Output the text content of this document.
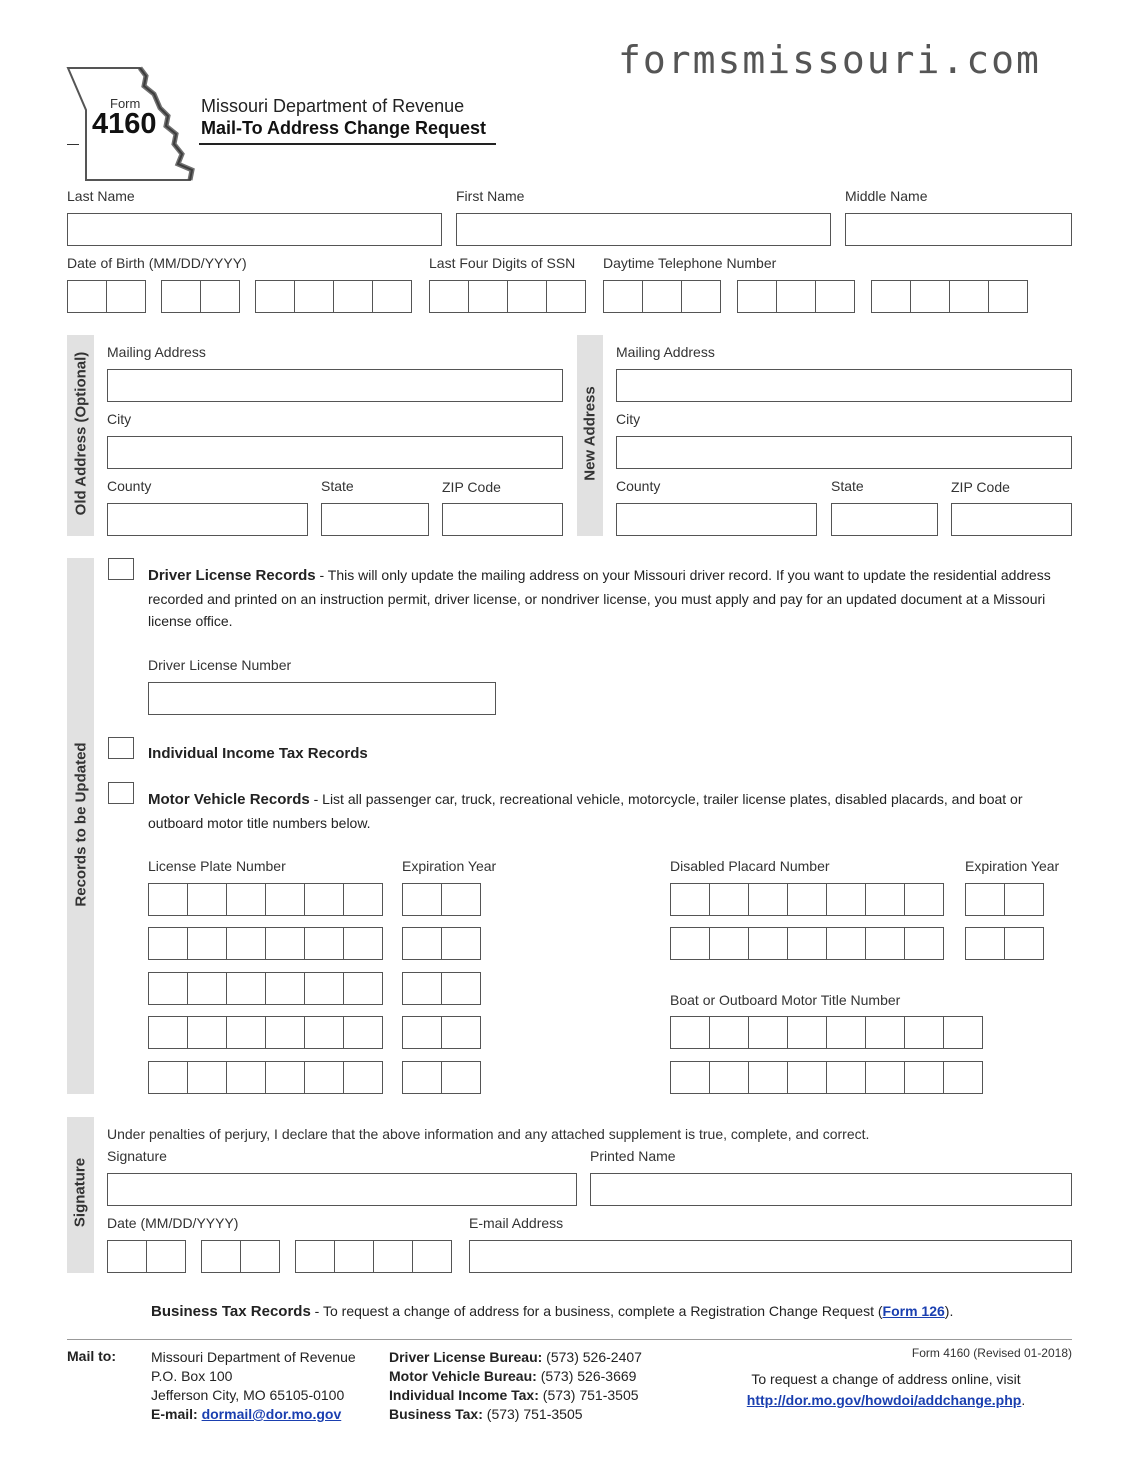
formsmissouri.com
Form
4160
Missouri Department of Revenue
Mail-To Address Change Request
Last Name	First Name	Middle Name
Date of Birth (MM/DD/YYYY)	Last Four Digits of SSN Daytime Telephone Number
Old Address (Optional) Mailing Address
City
County	State	ZIP Code
New Address
Mailing Address
City
County	State	ZIP Code
Records to be Updated
Driver License Records - This will only update the mailing address on your Missouri driver record. If you want to update the residential address recorded and printed on an instruction permit, driver license, or nondriver license, you must apply and pay for an updated document at a Missouri license office.
Driver License Number
Individual Income Tax Records
Motor Vehicle Records - List all passenger car, truck, recreational vehicle, motorcycle, trailer license plates, disabled placards, and boat or outboard motor title numbers below.
License Plate Number	Expiration Year	Disabled Placard Number	Expiration Year
Boat or Outboard Motor Title Number
Signature
Under penalties of perjury, I declare that the above information and any attached supplement is true, complete, and correct.
Signature	Printed Name
Date (MM/DD/YYYY)	E-mail Address
Business Tax Records - To request a change of address for a business, complete a Registration Change Request (Form 126).
Mail to:	Missouri Department of Revenue
P.O. Box 100
Jefferson City, MO 65105-0100
E-mail: dormail@dor.mo.gov
Driver License Bureau: (573) 526-2407
Motor Vehicle Bureau: (573) 526-3669
Individual Income Tax: (573) 751-3505
Business Tax: (573) 751-3505
Form 4160 (Revised 01-2018)
To request a change of address online, visit
http://dor.mo.gov/howdoi/addchange.php.
